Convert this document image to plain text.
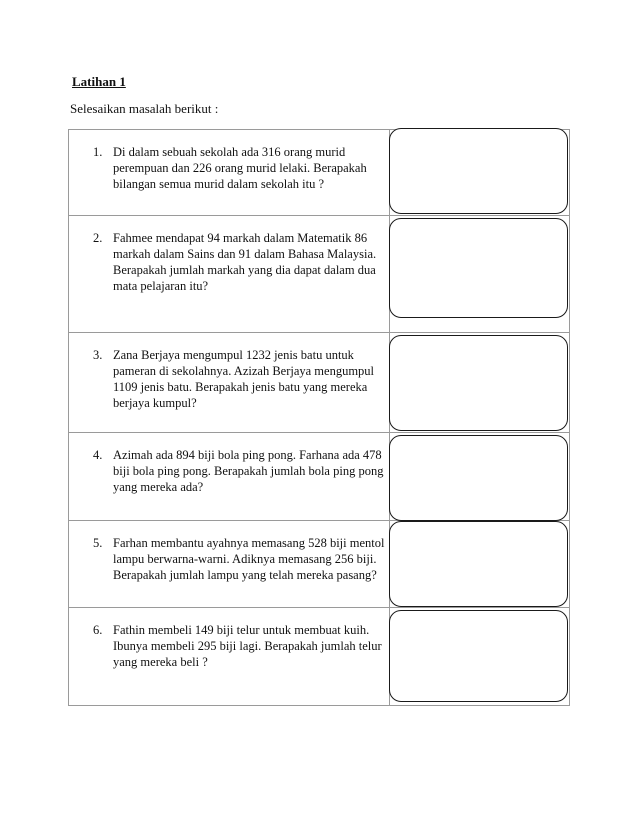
Latihan 1
Selesaikan masalah berikut :
1. Di dalam sebuah sekolah ada 316 orang murid
perempuan dan 226 orang murid lelaki. Berapakah
bilangan semua murid dalam sekolah itu ?
2. Fahmee mendapat 94 markah dalam Matematik 86
markah dalam Sains dan 91 dalam Bahasa Malaysia.
Berapakah jumlah markah yang dia dapat dalam dua
mata pelajaran itu?
3. Zana Berjaya mengumpul 1232 jenis batu untuk
pameran di sekolahnya. Azizah Berjaya mengumpul
1109 jenis batu. Berapakah jenis batu yang mereka
berjaya kumpul?
4. Azimah ada 894 biji bola ping pong. Farhana ada 478
biji bola ping pong. Berapakah jumlah bola ping pong
yang mereka ada?
5. Farhan membantu ayahnya memasang 528 biji mentol
lampu berwarna-warni. Adiknya memasang 256 biji.
Berapakah jumlah lampu yang telah mereka pasang?
6. Fathin membeli 149 biji telur untuk membuat kuih.
Ibunya membeli 295 biji lagi. Berapakah jumlah telur
yang mereka beli ?
